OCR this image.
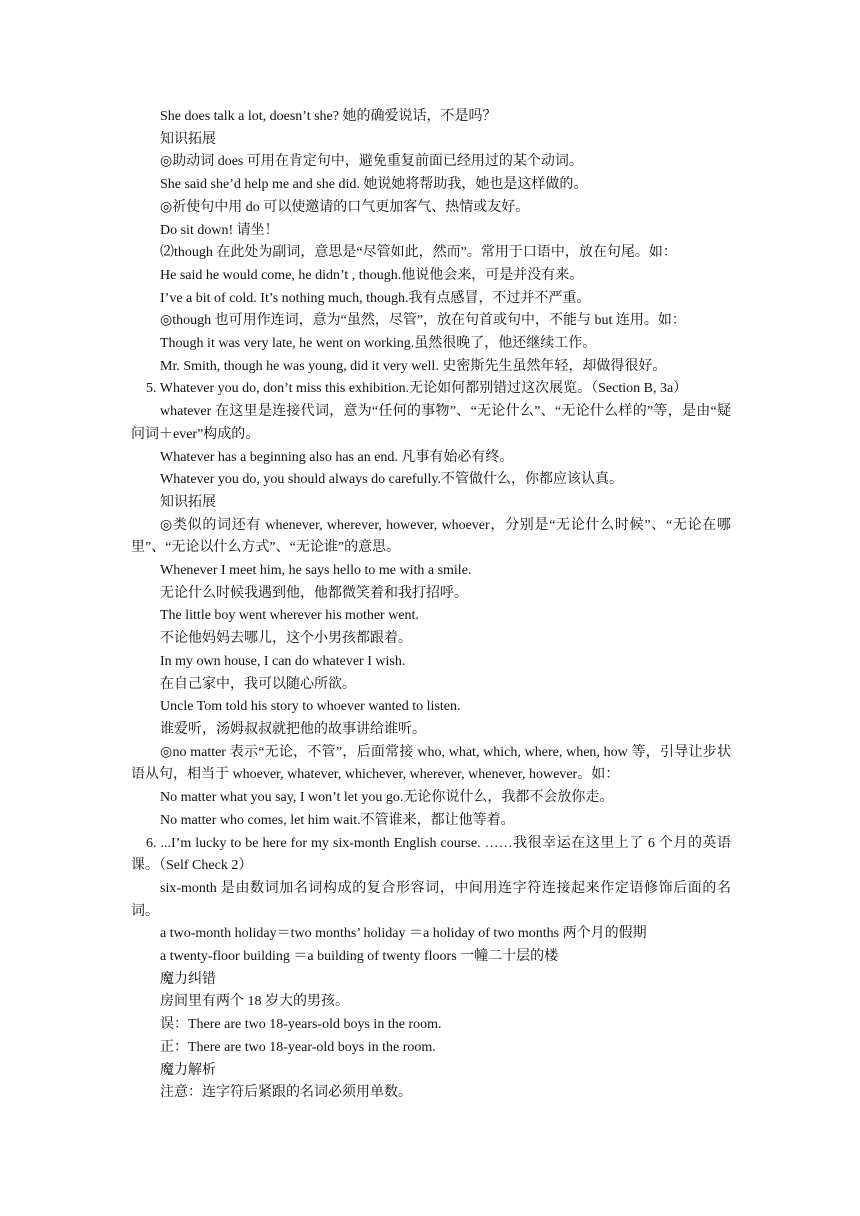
She does talk a lot, doesn’t she? 她的确爱说话，不是吗？

知识拓展

◎助动词 does 可用在肯定句中，避免重复前面已经用过的某个动词。

She said she’d help me and she did. 她说她将帮助我，她也是这样做的。

◎祈使句中用 do 可以使邀请的口气更加客气、热情或友好。

Do sit down! 请坐！

⑵though 在此处为副词，意思是“尽管如此，然而”。常用于口语中，放在句尾。如：

He said he would come, he didn’t , though.他说他会来，可是并没有来。

I’ve a bit of cold. It’s nothing much, though.我有点感冒，不过并不严重。

◎though 也可用作连词，意为“虽然，尽管”，放在句首或句中，不能与 but 连用。如：

Though it was very late, he went on working.虽然很晚了，他还继续工作。

Mr. Smith, though he was young, did it very well. 史密斯先生虽然年轻，却做得很好。

5. Whatever you do, don’t miss this exhibition.无论如何都别错过这次展览。（Section B, 3a）

whatever 在这里是连接代词，意为“任何的事物”、“无论什么”、“无论什么样的”等，是由“疑问词＋ever”构成的。

Whatever has a beginning also has an end. 凡事有始必有终。

Whatever you do, you should always do carefully.不管做什么，你都应该认真。

知识拓展

◎类似的词还有 whenever, wherever, however, whoever，分别是“无论什么时候”、“无论在哪里”、“无论以什么方式”、“无论谁”的意思。

Whenever I meet him, he says hello to me with a smile.

无论什么时候我遇到他，他都微笑着和我打招呼。

The little boy went wherever his mother went.

不论他妈妈去哪儿，这个小男孩都跟着。

In my own house, I can do whatever I wish.

在自己家中，我可以随心所欲。

Uncle Tom told his story to whoever wanted to listen.

谁爱听，汤姆叔叔就把他的故事讲给谁听。

◎no matter 表示“无论，不管”，后面常接 who, what, which, where, when, how 等，引导让步状语从句，相当于 whoever, whatever, whichever, wherever, whenever, however。如：

No matter what you say, I won’t let you go.无论你说什么，我都不会放你走。

No matter who comes, let him wait.不管谁来，都让他等着。

6. ...I’m lucky to be here for my six-month English course. ……我很幸运在这里上了 6 个月的英语课。（Self Check 2）

six-month 是由数词加名词构成的复合形容词，中间用连字符连接起来作定语修饰后面的名词。

a two-month holiday＝two months’ holiday ＝a holiday of two months 两个月的假期

a twenty-floor building ＝a building of twenty floors 一幢二十层的楼

魔力纠错

房间里有两个 18 岁大的男孩。

误：There are two 18-years-old boys in the room.

正：There are two 18-year-old boys in the room.

魔力解析

注意：连字符后紧跟的名词必须用单数。
